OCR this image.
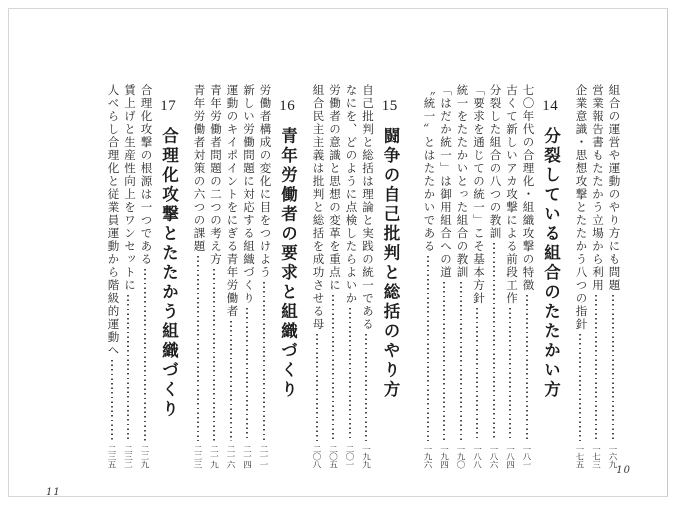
組合の運営や運動のやり方にも問題
一六九
営業報告書もたたかう立場から利用
一七三
企業意識・思想攻撃とたたかう八つの指針
一七五
14
分裂している組合のたたかい方
七〇年代の合理化・組織攻撃の特徴
一八一
古くて新しいアカ攻撃による前段工作
一八四
分裂した組合の八つの教訓
一八六
「要求を通じての統一」こそ基本方針
一八八
統一をたたかいとった組合の教訓
一九〇
「はだか統一」は御用組合への道
一九四
〝統一〟とはたたかいである
一九六
15
闘争の自己批判と総括のやり方
自己批判と総括は理論と実践の統一である
一九九
なにを、どのように点検したらよいか
二〇一
労働者の意識と思想の変革を重点に
二〇五
組合民主主義は批判と総括を成功させる母
二〇八
16
青年労働者の要求と組織づくり
労働者構成の変化に目をつけよう
二一一
新しい労働問題に対応する組織づくり
二一四
運動のキイポイントをにぎる青年労働者
二一六
青年労働者問題の二つの考え方
二一九
青年労働者対策の六つの課題
二二三
17
合理化攻撃とたたかう組織づくり
合理化攻撃の根源は一つである
二二九
賃上げと生産性向上をワンセットに
二三二
人べらし合理化と従業員運動から階級的運動へ
二三五
10
11
